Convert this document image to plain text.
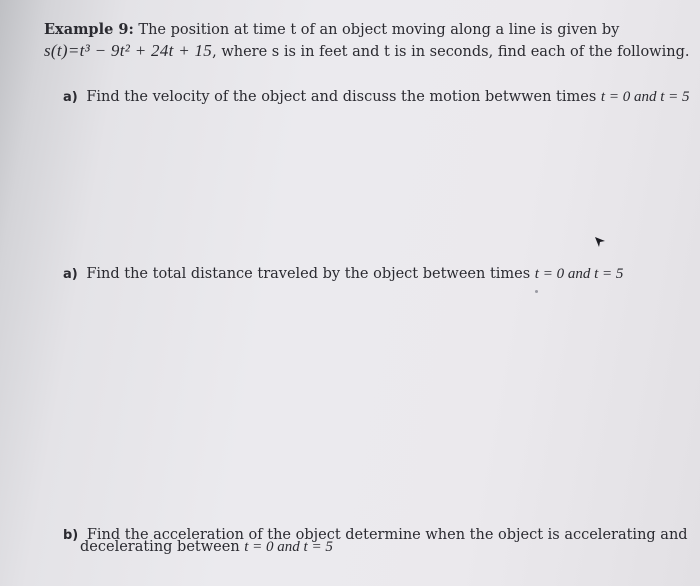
Example 9: The position at time t of an object moving along a line is given by
s(t)=t³ − 9t² + 24t + 15, where s is in feet and t is in seconds, find each of the following.
a) Find the velocity of the object and discuss the motion betwwen times t = 0 and t = 5
a) Find the total distance traveled by the object between times t = 0 and t = 5
b) Find the acceleration of the object determine when the object is accelerating and
decelerating between t = 0 and t = 5
